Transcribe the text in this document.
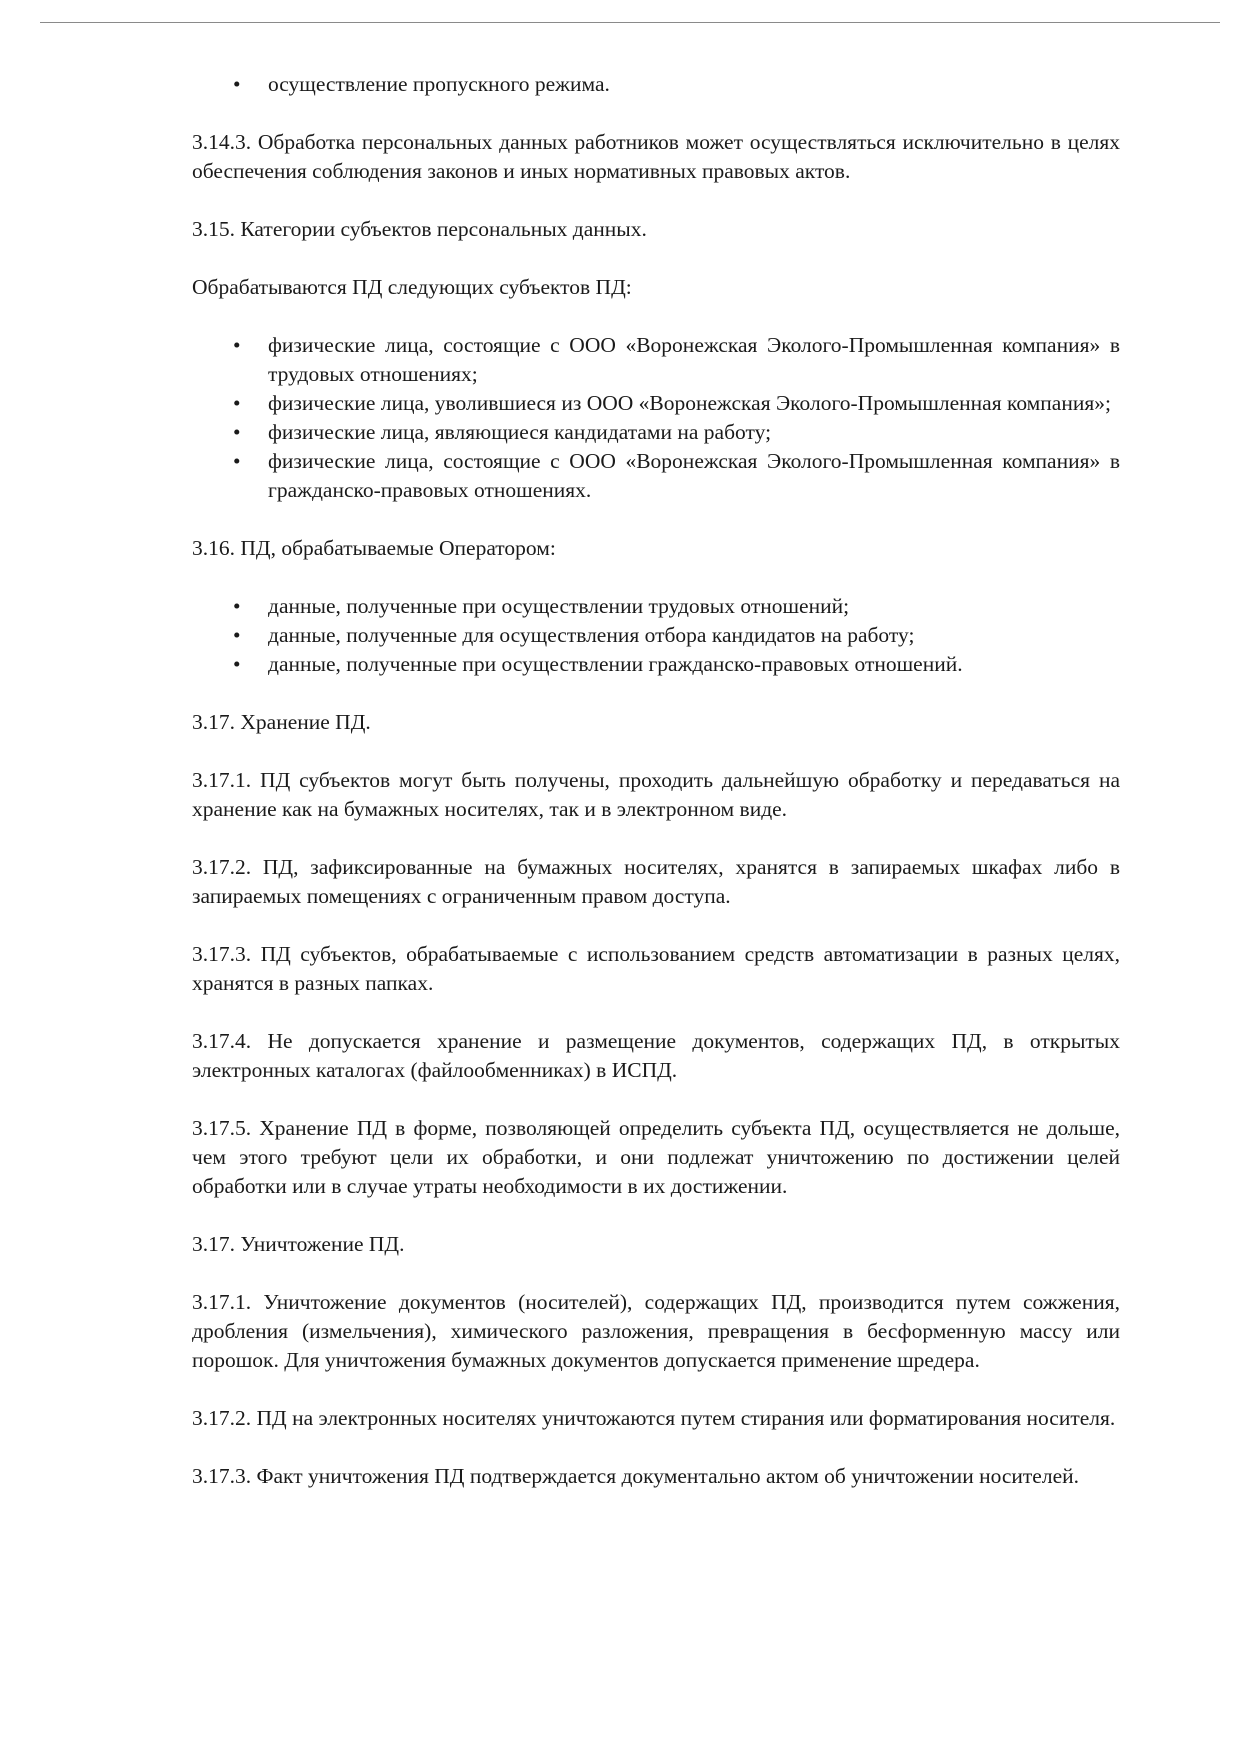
• осуществление пропускного режима.

3.14.3. Обработка персональных данных работников может осуществляться исключительно в целях обеспечения соблюдения законов и иных нормативных правовых актов.

3.15. Категории субъектов персональных данных.

Обрабатываются ПД следующих субъектов ПД:

• физические лица, состоящие с ООО «Воронежская Эколого-Промышленная компания» в трудовых отношениях;
• физические лица, уволившиеся из ООО «Воронежская Эколого-Промышленная компания»;
• физические лица, являющиеся кандидатами на работу;
• физические лица, состоящие с ООО «Воронежская Эколого-Промышленная компания» в гражданско-правовых отношениях.

3.16. ПД, обрабатываемые Оператором:

• данные, полученные при осуществлении трудовых отношений;
• данные, полученные для осуществления отбора кандидатов на работу;
• данные, полученные при осуществлении гражданско-правовых отношений.

3.17. Хранение ПД.

3.17.1. ПД субъектов могут быть получены, проходить дальнейшую обработку и передаваться на хранение как на бумажных носителях, так и в электронном виде.

3.17.2. ПД, зафиксированные на бумажных носителях, хранятся в запираемых шкафах либо в запираемых помещениях с ограниченным правом доступа.

3.17.3. ПД субъектов, обрабатываемые с использованием средств автоматизации в разных целях, хранятся в разных папках.

3.17.4. Не допускается хранение и размещение документов, содержащих ПД, в открытых электронных каталогах (файлообменниках) в ИСПД.

3.17.5. Хранение ПД в форме, позволяющей определить субъекта ПД, осуществляется не дольше, чем этого требуют цели их обработки, и они подлежат уничтожению по достижении целей обработки или в случае утраты необходимости в их достижении.

3.17. Уничтожение ПД.

3.17.1. Уничтожение документов (носителей), содержащих ПД, производится путем сожжения, дробления (измельчения), химического разложения, превращения в бесформенную массу или порошок. Для уничтожения бумажных документов допускается применение шредера.

3.17.2. ПД на электронных носителях уничтожаются путем стирания или форматирования носителя.

3.17.3. Факт уничтожения ПД подтверждается документально актом об уничтожении носителей.
